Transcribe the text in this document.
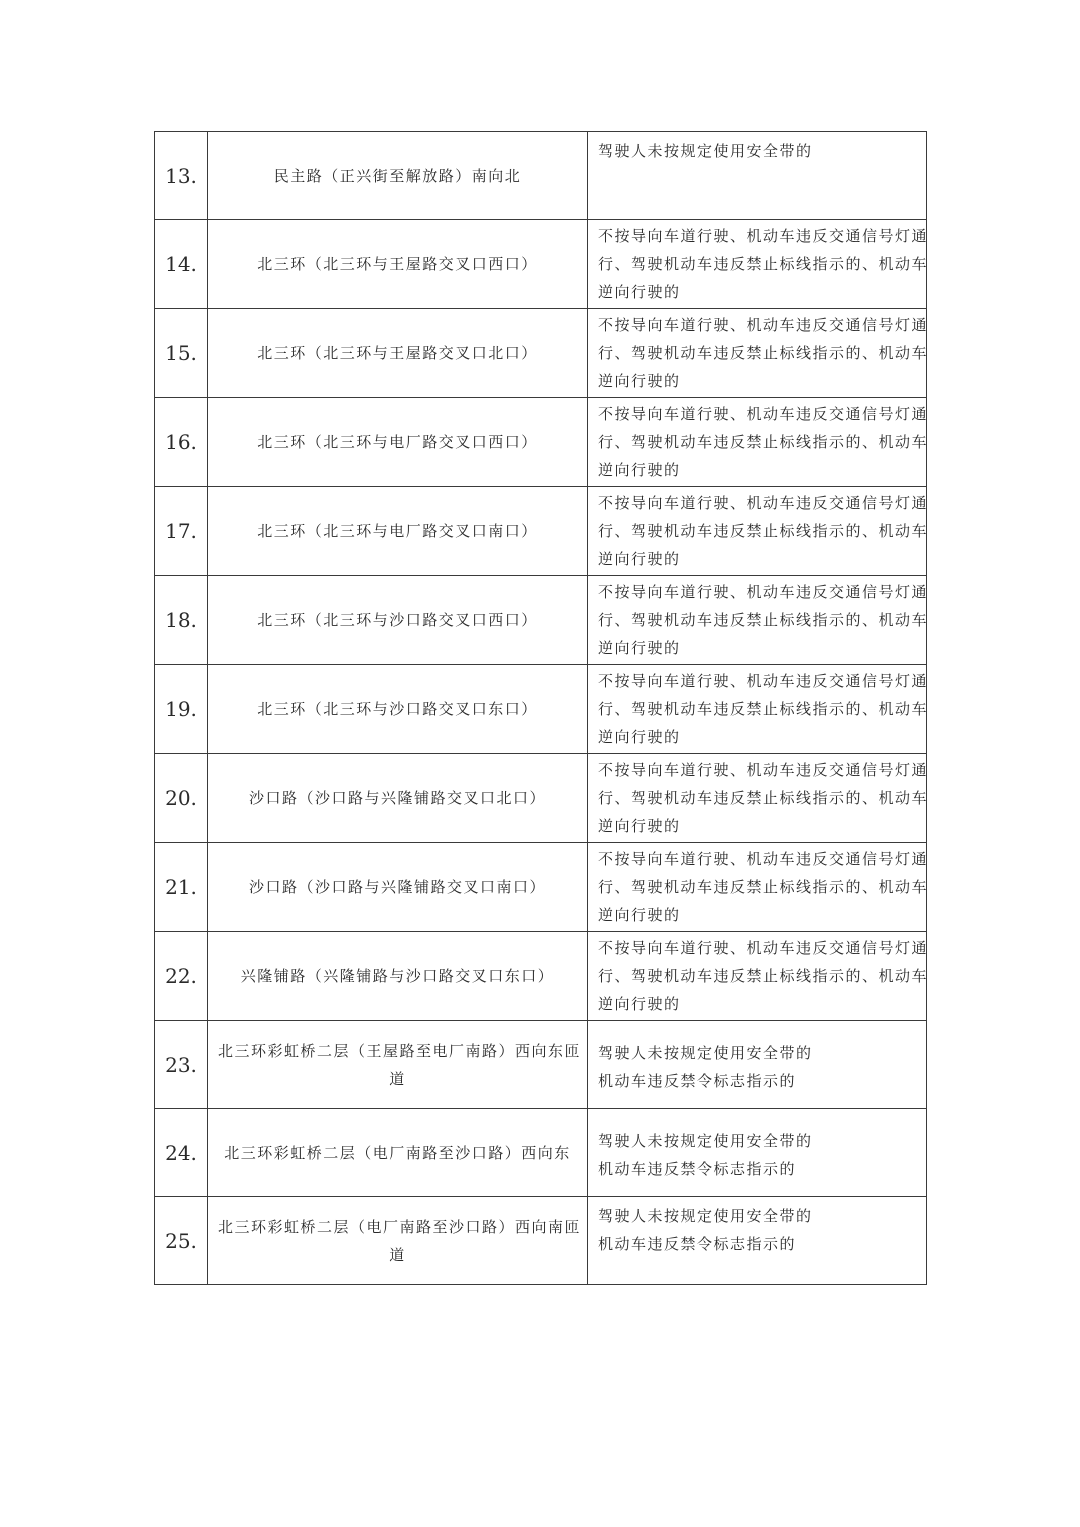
13.	民主路（正兴街至解放路）南向北	驾驶人未按规定使用安全带的

14.	北三环（北三环与王屋路交叉口西口）	不按导向车道行驶、机动车违反交通信号灯通
行、驾驶机动车违反禁止标线指示的、机动车
逆向行驶的

15.	北三环（北三环与王屋路交叉口北口）	不按导向车道行驶、机动车违反交通信号灯通
行、驾驶机动车违反禁止标线指示的、机动车
逆向行驶的

16.	北三环（北三环与电厂路交叉口西口）	不按导向车道行驶、机动车违反交通信号灯通
行、驾驶机动车违反禁止标线指示的、机动车
逆向行驶的

17.	北三环（北三环与电厂路交叉口南口）	不按导向车道行驶、机动车违反交通信号灯通
行、驾驶机动车违反禁止标线指示的、机动车
逆向行驶的

18.	北三环（北三环与沙口路交叉口西口）	不按导向车道行驶、机动车违反交通信号灯通
行、驾驶机动车违反禁止标线指示的、机动车
逆向行驶的

19.	北三环（北三环与沙口路交叉口东口）	不按导向车道行驶、机动车违反交通信号灯通
行、驾驶机动车违反禁止标线指示的、机动车
逆向行驶的

20.	沙口路（沙口路与兴隆铺路交叉口北口）	不按导向车道行驶、机动车违反交通信号灯通
行、驾驶机动车违反禁止标线指示的、机动车
逆向行驶的

21.	沙口路（沙口路与兴隆铺路交叉口南口）	不按导向车道行驶、机动车违反交通信号灯通
行、驾驶机动车违反禁止标线指示的、机动车
逆向行驶的

22.	兴隆铺路（兴隆铺路与沙口路交叉口东口）	不按导向车道行驶、机动车违反交通信号灯通
行、驾驶机动车违反禁止标线指示的、机动车
逆向行驶的

23.	北三环彩虹桥二层（王屋路至电厂南路）西向东匝
道	驾驶人未按规定使用安全带的
机动车违反禁令标志指示的

24.	北三环彩虹桥二层（电厂南路至沙口路）西向东	驾驶人未按规定使用安全带的
机动车违反禁令标志指示的

25.	北三环彩虹桥二层（电厂南路至沙口路）西向南匝
道	驾驶人未按规定使用安全带的
机动车违反禁令标志指示的
